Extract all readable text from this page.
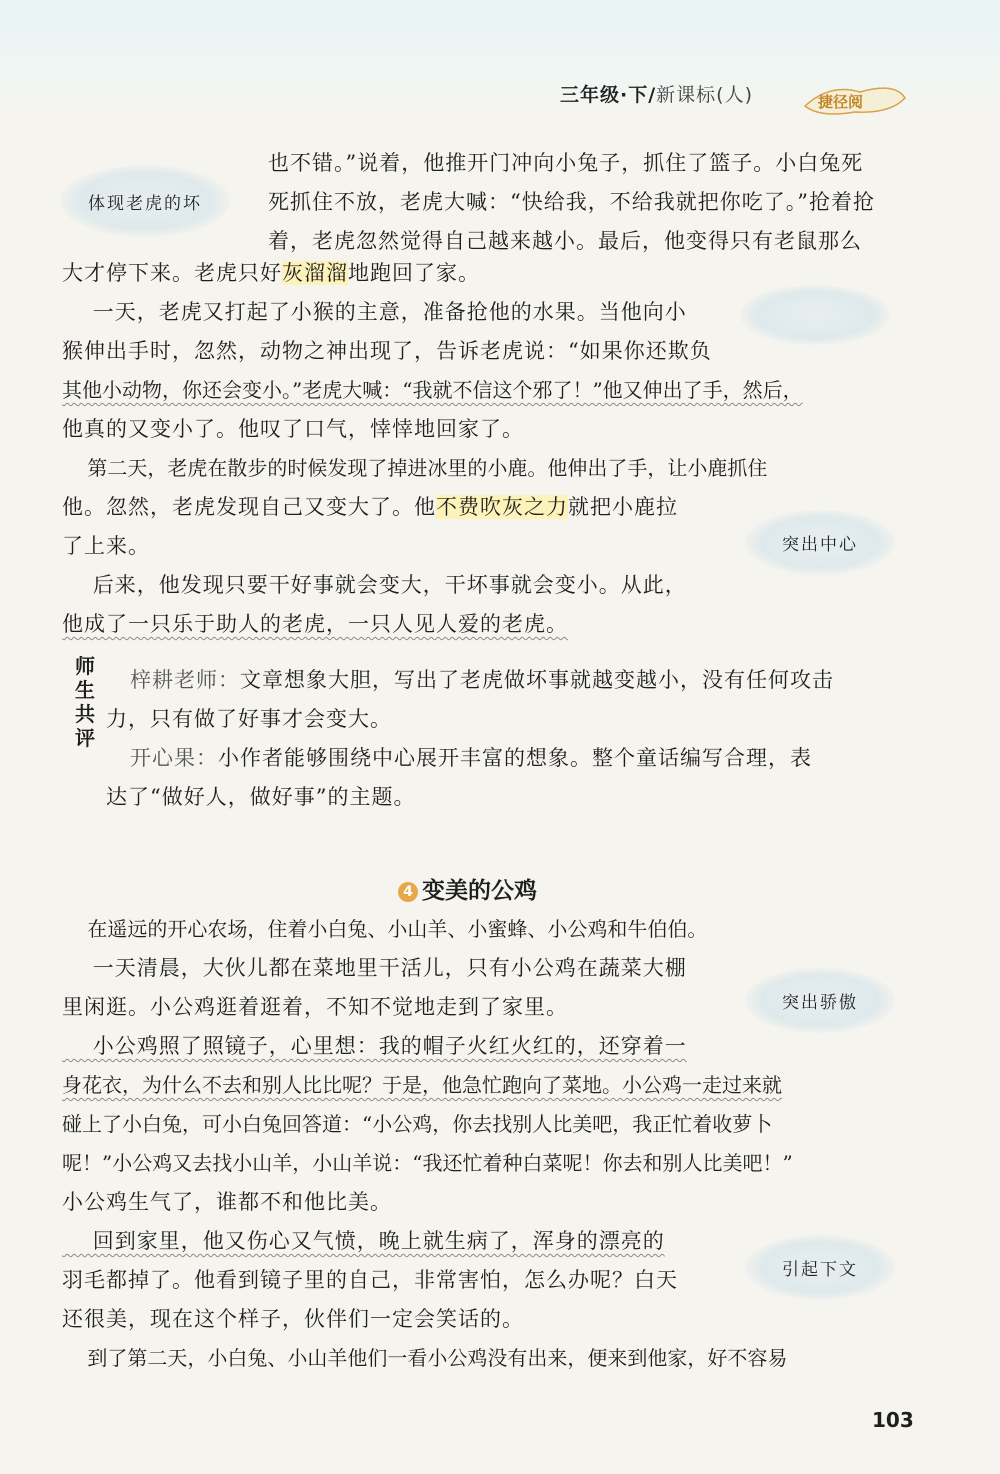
三年级·下/新课标(人)	捷径阅
体现老虎的坏
突出中心
突出骄傲
引起下文
也不错。”说着，他推开门冲向小兔子，抓住了篮子。小白兔死
死抓住不放，老虎大喊：“快给我，不给我就把你吃了。”抢着抢
着，老虎忽然觉得自己越来越小。最后，他变得只有老鼠那么
大才停下来。老虎只好灰溜溜地跑回了家。
一天，老虎又打起了小猴的主意，准备抢他的水果。当他向小
猴伸出手时，忽然，动物之神出现了，告诉老虎说：“如果你还欺负
其他小动物，你还会变小。”老虎大喊：“我就不信这个邪了！”他又伸出了手，然后，
他真的又变小了。他叹了口气，悻悻地回家了。
第二天，老虎在散步的时候发现了掉进冰里的小鹿。他伸出了手，让小鹿抓住
他。忽然，老虎发现自己又变大了。他不费吹灰之力就把小鹿拉
了上来。
后来，他发现只要干好事就会变大，干坏事就会变小。从此，
他成了一只乐于助人的老虎，一只人见人爱的老虎。
师生共评
梓耕老师：文章想象大胆，写出了老虎做坏事就越变越小，没有任何攻击
力，只有做了好事才会变大。
开心果：小作者能够围绕中心展开丰富的想象。整个童话编写合理，表
达了“做好人，做好事”的主题。
4 变美的公鸡
在遥远的开心农场，住着小白兔、小山羊、小蜜蜂、小公鸡和牛伯伯。
一天清晨，大伙儿都在菜地里干活儿，只有小公鸡在蔬菜大棚
里闲逛。小公鸡逛着逛着，不知不觉地走到了家里。
小公鸡照了照镜子，心里想：我的帽子火红火红的，还穿着一
身花衣，为什么不去和别人比比呢？于是，他急忙跑向了菜地。小公鸡一走过来就
碰上了小白兔，可小白兔回答道：“小公鸡，你去找别人比美吧，我正忙着收萝卜
呢！”小公鸡又去找小山羊，小山羊说：“我还忙着种白菜呢！你去和别人比美吧！”
小公鸡生气了，谁都不和他比美。
回到家里，他又伤心又气愤，晚上就生病了，浑身的漂亮的
羽毛都掉了。他看到镜子里的自己，非常害怕，怎么办呢？白天
还很美，现在这个样子，伙伴们一定会笑话的。
到了第二天，小白兔、小山羊他们一看小公鸡没有出来，便来到他家，好不容易
103
